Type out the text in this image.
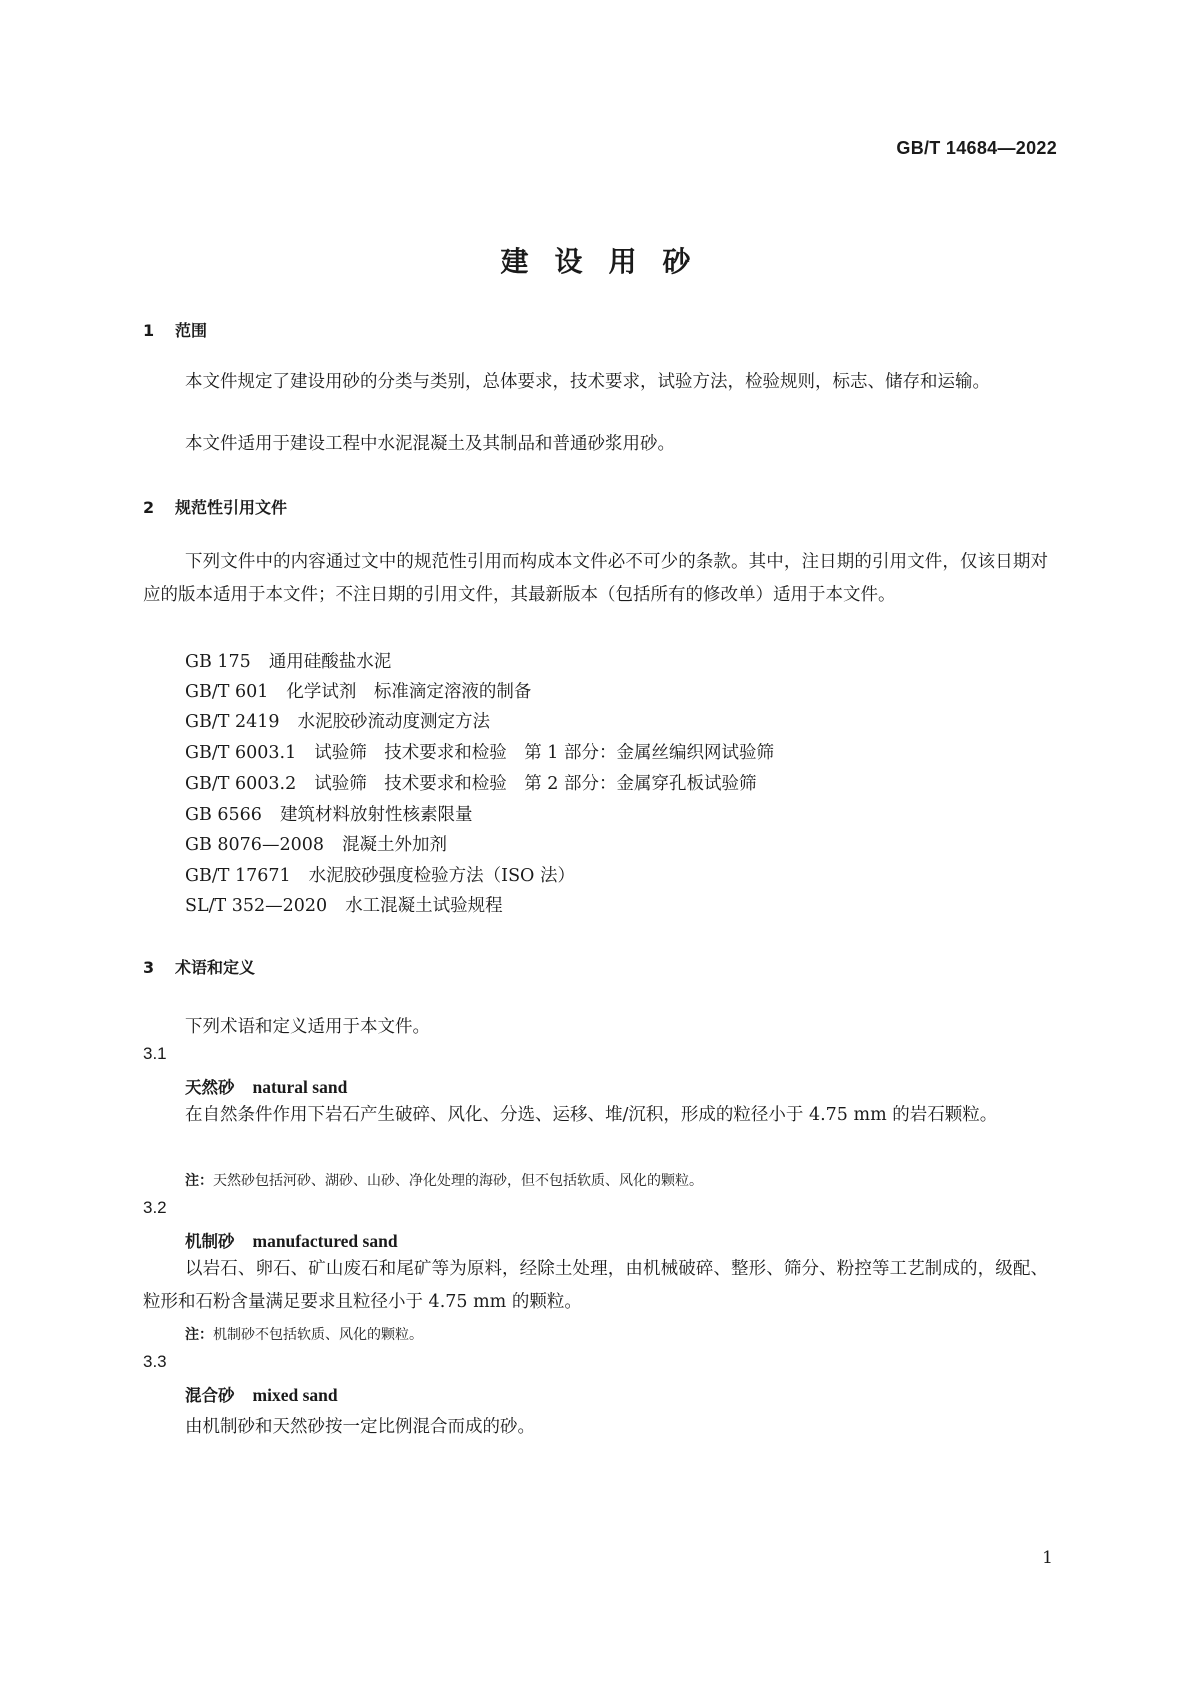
GB/T 14684—2022
建设用砂
1 范围
本文件规定了建设用砂的分类与类别，总体要求，技术要求，试验方法，检验规则，标志、储存和运输。
本文件适用于建设工程中水泥混凝土及其制品和普通砂浆用砂。
2 规范性引用文件
下列文件中的内容通过文中的规范性引用而构成本文件必不可少的条款。其中，注日期的引用文件，仅该日期对应的版本适用于本文件；不注日期的引用文件，其最新版本（包括所有的修改单）适用于本文件。
GB 175 通用硅酸盐水泥
GB/T 601 化学试剂　标准滴定溶液的制备
GB/T 2419 水泥胶砂流动度测定方法
GB/T 6003.1 试验筛　技术要求和检验　第 1 部分：金属丝编织网试验筛
GB/T 6003.2 试验筛　技术要求和检验　第 2 部分：金属穿孔板试验筛
GB 6566 建筑材料放射性核素限量
GB 8076—2008 混凝土外加剂
GB/T 17671 水泥胶砂强度检验方法（ISO 法）
SL/T 352—2020 水工混凝土试验规程
3 术语和定义
下列术语和定义适用于本文件。
3.1
天然砂 natural sand
在自然条件作用下岩石产生破碎、风化、分选、运移、堆/沉积，形成的粒径小于 4.75 mm 的岩石颗粒。
注：天然砂包括河砂、湖砂、山砂、净化处理的海砂，但不包括软质、风化的颗粒。
3.2
机制砂 manufactured sand
以岩石、卵石、矿山废石和尾矿等为原料，经除土处理，由机械破碎、整形、筛分、粉控等工艺制成的，级配、粒形和石粉含量满足要求且粒径小于 4.75 mm 的颗粒。
注：机制砂不包括软质、风化的颗粒。
3.3
混合砂 mixed sand
由机制砂和天然砂按一定比例混合而成的砂。
1
